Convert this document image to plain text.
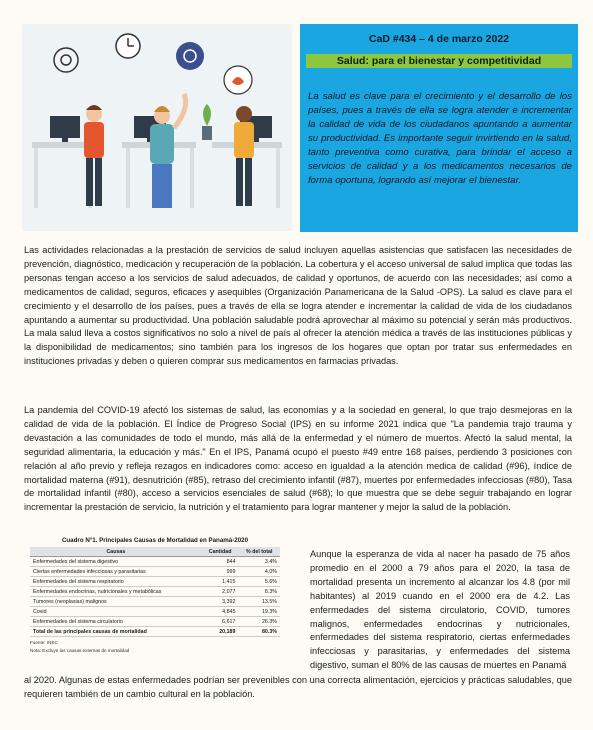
CaD #434 – 4 de marzo 2022
Salud: para el bienestar y competitividad
La salud es clave para el crecimiento y el desarrollo de los países, pues a través de ella se logra atender e incrementar la calidad de vida de los ciudadanos apuntando a aumentar su productividad. Es importante seguir invirtiendo en la salud, tanto preventiva como curativa, para brindar el acceso a servicios de calidad y a los medicamentos necesarios de forma oportuna, logrando así mejorar el bienestar.
Las actividades relacionadas a la prestación de servicios de salud incluyen aquellas asistencias que satisfacen las necesidades de prevención, diagnóstico, medicación y recuperación de la población. La cobertura y el acceso universal de salud implica que todas las personas tengan acceso a los servicios de salud adecuados, de calidad y oportunos, de acuerdo con las necesidades; así como a medicamentos de calidad, seguros, eficaces y asequibles (Organización Panamericana de la Salud -OPS). La salud es clave para el crecimiento y el desarrollo de los países, pues a través de ella se logra atender e incrementar la calidad de vida de los ciudadanos apuntando a aumentar su productividad. Una población saludable podrá aprovechar al máximo su potencial y serán más productivos. La mala salud lleva a costos significativos no solo a nivel de país al ofrecer la atención médica a través de las instituciones públicas y la disponibilidad de medicamentos; sino también para los ingresos de los hogares que optan por tratar sus enfermedades en instituciones privadas y deben o quieren comprar sus medicamentos en farmacias privadas.
La pandemia del COVID-19 afectó los sistemas de salud, las economías y a la sociedad en general, lo que trajo desmejoras en la calidad de vida de la población. El Índice de Progreso Social (IPS) en su informe 2021 indica que "La pandemia trajo trauma y devastación a las comunidades de todo el mundo, más allá de la enfermedad y el número de muertos. Afectó la salud mental, la seguridad alimentaria, la educación y más." En el IPS, Panamá ocupó el puesto #49 entre 168 países, perdiendo 3 posiciones con relación al año previo y refleja rezagos en indicadores como: acceso en igualdad a la atención medica de calidad (#96), índice de mortalidad materna (#91), desnutrición (#85), retraso del crecimiento infantil (#87), muertes por enfermedades infecciosas (#80), Tasa de mortalidad infantil (#80), acceso a servicios esenciales de salud (#68); lo que muestra que se debe seguir trabajando en lograr incrementar la prestación de servicio, la nutrición y el tratamiento para lograr mantener y mejor la salud de la población.
Cuadro N°1. Principales Causas de Mortalidad en Panamá-2020
Causas	Cantidad	% del total
Enfermedades del sistema digestivo	844	3.4%
Ciertas enfermedades infecciosas y parasitarias	999	4.0%
Enfermedades del sistema respiratorio	1,415	5.6%
Enfermedades endocrinas, nutricionales y metabólicas	2,077	8.3%
Tumores (neoplasias) malignos	3,392	13.5%
Covid	4,845	19.3%
Enfermedades del sistema circulatorio	6,617	26.3%
Total de las principales causas de mortalidad	20,189	80.3%
Fuente: INEC
Nota: Excluye las causas externas de mortalidad
Aunque la esperanza de vida al nacer ha pasado de 75 años promedio en el 2000 a 79 años para el 2020, la tasa de mortalidad presenta un incremento al alcanzar los 4.8 (por mil habitantes) al 2019 cuando en el 2000 era de 4.2. Las enfermedades del sistema circulatorio, COVID, tumores malignos, enfermedades endocrinas y nutricionales, enfermedades del sistema respiratorio, ciertas enfermedades infecciosas y parasitarias, y enfermedades del sistema digestivo, suman el 80% de las causas de muertes en Panamá
al 2020. Algunas de estas enfermedades podrían ser prevenibles con una correcta alimentación, ejercicios y prácticas saludables, que requieren también de un cambio cultural en la población.
